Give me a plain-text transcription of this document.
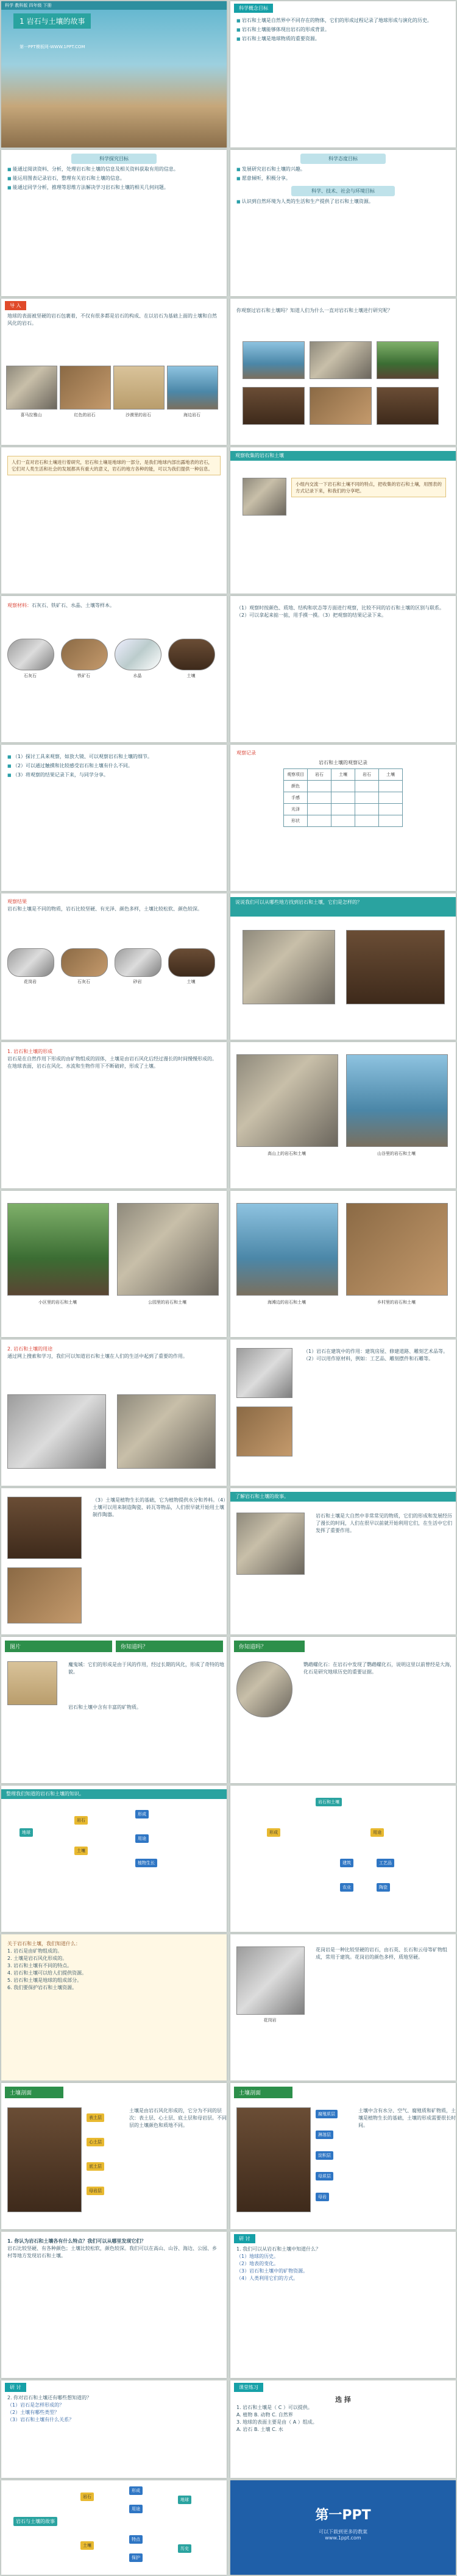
科学 教科版 四年级 下册
1 岩石与土壤的故事
第一PPT模板网-WWW.1PPT.COM
科学概念目标
■ 岩石和土壤是自然界中不同存在的物体，它们的形成过程记录了地球形成与演化的历史。
■ 岩石和土壤能够体现出岩石的形成背景。
■ 岩石和土壤是地球物质的重要资源。
科学探究目标
■ 能通过阅读资料、分析，处理岩石和土壤的信息及相关资料获取有用的信息。
■ 能运用图表记录岩石，整理有关岩石和土壤的信息。
■ 能通过同学分析，推理等思维方法解决学习岩石和土壤的相关几何问题。
科学态度目标
■ 发展研究岩石和土壤的兴趣。
■ 愿意倾听，积极分享。
科学、技术、社会与环境目标
■ 认识到自然环境为人类的生活和生产提供了岩石和土壤资源。
导 入
地球的表面被坚硬的岩石包裹着，不仅有很多都是岩石的构成、在以岩石为基础上面的土壤和自然风化的岩石。
喜马拉雅山	红色的岩石	沙漠里的岩石	海边岩石
你观察过岩石和土壤吗？知道人们为什么一直对岩石和土壤进行研究呢？
人们一直对岩石和土壤进行着研究，岩石和土壤是地球的一部分，是我们地球内部出露地表的岩石，它们对人类生活和社会的发展都具有重大的意义，岩石的地方各种的能，可以为我们提供一种信息。
观察收集的岩石和土壤
小组内交流一下岩石和土壤不同的特点，把收集的岩石和土壤，用图表的方式记录下来，和我们的分享吧。
观察材料：石灰石、铁矿石、水晶、土壤等样本。
石灰石	铁矿石	水晶	土壤
（1）观察时按颜色、质地、结构和状态等方面进行观察，比较不同的岩石和土壤的区别与联系。（2）可以拿起来掂一掂，用手摸一摸。（3）把观察的结果记录下来。
■ （1）探讨工具来观察，如放大镜、可以观察岩石和土壤的细节。
■ （2）可以通过触摸和比较感受岩石和土壤有什么不同。
■ （3）将观察的结果记录下来，与同学分享。
观察记录
岩石和土壤的观察记录
观察项目	岩石	土壤	岩石	土壤
颜色				
手感				
光泽				
形状				
观察结果
岩石和土壤是不同的物质，岩石比较坚硬、有光泽、颜色多样，土壤比较松软、颜色较深。
花岗岩	石灰石	砂岩	土壤
说说我们可以从哪些地方找到岩石和土壤，它们是怎样的？
1. 岩石和土壤的形成
岩石是在自然作用下形成的由矿物组成的固体，土壤是由岩石风化后经过漫长的时间慢慢形成的。在地球表面，岩石在风化、水流和生物作用下不断破碎，形成了土壤。
高山上的岩石和土壤	山谷里的岩石和土壤
小区里的岩石和土壤	公园里的岩石和土壤	海滩边的岩石和土壤	乡村里的岩石和土壤
2. 岩石和土壤的用途
通过网上搜索和学习，我们可以知道岩石和土壤在人们的生活中起到了重要的作用。
（1）岩石在建筑中的作用：建筑房屋、修建道路、雕刻艺术品等。（2）可以用作原材料，例如：工艺品、雕刻摆件和石雕等。
（3）土壤是植物生长的基础，它为植物提供水分和养料。（4）土壤可以用来制造陶瓷、砖瓦等物品，人们很早就开始用土壤制作陶器。
了解岩石和土壤的故事。
岩石和土壤是大自然中非常常见的物质，它们的形成和发展经历了漫长的时间，人们在很早以前就开始利用它们，在生活中它们发挥了重要作用。
图片	你知道吗？
魔鬼城：它们的形成是由于风的作用，经过长期的风化，形成了奇特的地貌。
岩石和土壤中含有丰富的矿物质。
你知道吗？
鹦鹉螺化石：在岩石中发现了鹦鹉螺化石，说明这里以前曾经是大海，化石是研究地球历史的重要证据。
整理我们知道的岩石和土壤的知识。
地球
岩石
土壤
形成
用途
植物生长
岩石和土壤
形成	用途
建筑	工艺品
农业	陶瓷
关于岩石和土壤，我们知道什么：
1. 岩石是由矿物组成的。
2. 土壤是岩石风化形成的。
3. 岩石和土壤有不同的特点。
4. 岩石和土壤可以给人们提供资源。
5. 岩石和土壤是地球的组成部分。
6. 我们要保护岩石和土壤资源。
花岗岩
花岗岩是一种比较坚硬的岩石，由石英、长石和云母等矿物组成，常用于建筑。花岗岩的颜色多样，质地坚硬。
土壤剖面
表土层
心土层
底土层
母岩层
土壤是由岩石风化形成的，它分为不同的层次：表土层、心土层、底土层和母岩层。不同层的土壤颜色和质地不同。
土壤剖面
腐殖质层
淋溶层
淀积层
母质层
母岩
土壤中含有水分、空气、腐殖质和矿物质，土壤是植物生长的基础，土壤的形成需要很长时间。
1. 你认为岩石和土壤各有什么特点？我们可以从哪里发现它们？
岩石比较坚硬、有各种颜色；土壤比较松软，颜色较深。我们可以在高山、山谷、海边、公园、乡村等地方发现岩石和土壤。
研 讨
1. 我们可以从岩石和土壤中知道什么？
（1）地球的历史。
（2）地表的变化。
（3）岩石和土壤中的矿物资源。
（4）人类利用它们的方式。
研 讨
2. 你对岩石和土壤还有哪些想知道的？
（1）岩石是怎样形成的？
（2）土壤有哪些类型？
（3）岩石和土壤有什么关系？
课堂练习
选 择
1. 岩石和土壤是（ C ）可以提供。
A. 植物 B. 动物 C. 自然界
3. 地球的表面主要是由（ A ）组成。
A. 岩石 B. 土壤 C. 水
岩石与土壤的故事
岩石
土壤
形成
用途
特点
保护
地球
历史
第一PPT
可以下载到更多的教案
www.1ppt.com
